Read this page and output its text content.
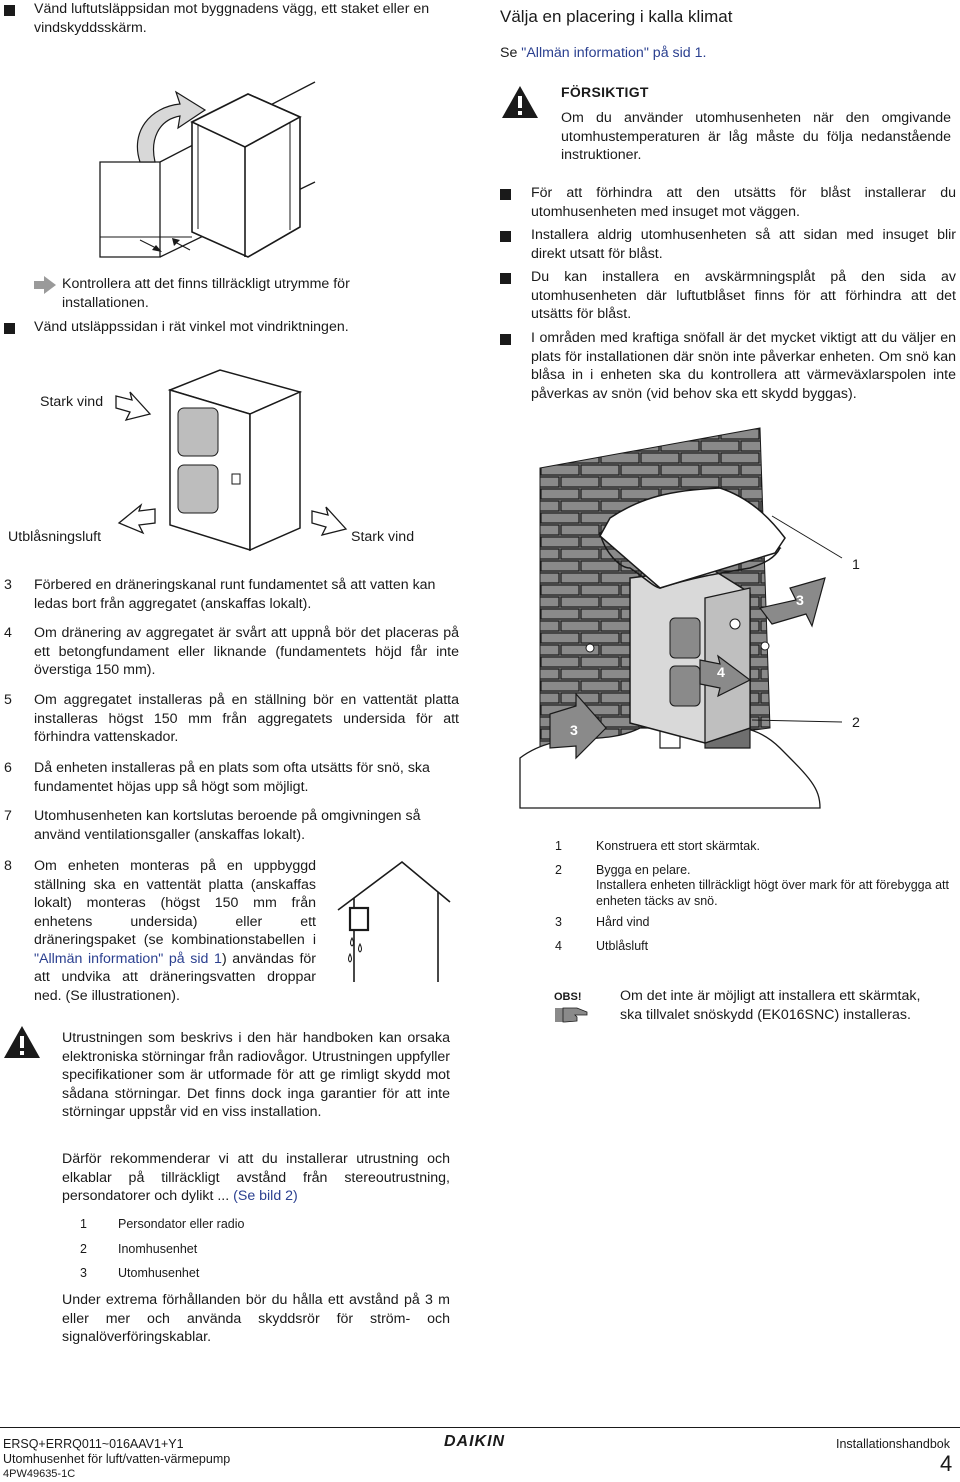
Vänd luftutsläppsidan mot byggnadens vägg, ett staket eller en vindskyddsskärm.
Kontrollera att det finns tillräckligt utrymme för installationen.
Vänd utsläppssidan i rät vinkel mot vindriktningen.
Stark vind
Utblåsningsluft	Stark vind
Välja en placering i kalla klimat
Se "Allmän information" på sid 1.
FÖRSIKTIGT
Om du använder utomhusenheten när den omgivande utomhustemperaturen är låg måste du följa nedanstående instruktioner.
För att förhindra att den utsätts för blåst installerar du utomhusenheten med insuget mot väggen.
Installera aldrig utomhusenheten så att sidan med insuget blir direkt utsatt för blåst.
Du kan installera en avskärmningsplåt på den sida av utomhusenheten där luftutblåset finns för att förhindra att det utsätts för blåst.
I områden med kraftiga snöfall är det mycket viktigt att du väljer en plats för installationen där snön inte påverkar enheten. Om snö kan blåsa in i enheten ska du kontrollera att värmeväxlarspolen inte påverkas av snön (vid behov ska ett skydd byggas).
1
2
3
3
4
3	Förbered en dräneringskanal runt fundamentet så att vatten kan ledas bort från aggregatet (anskaffas lokalt).
4	Om dränering av aggregatet är svårt att uppnå bör det placeras på ett betongfundament eller liknande (fundamentets höjd får inte överstiga 150 mm).
5	Om aggregatet installeras på en ställning bör en vattentät platta installeras högst 150 mm från aggregatets undersida för att förhindra vattenskador.
6	Då enheten installeras på en plats som ofta utsätts för snö, ska fundamentet höjas upp så högt som möjligt.
7	Utomhusenheten kan kortslutas beroende på omgivningen så använd ventilationsgaller (anskaffas lokalt).
8	Om enheten monteras på en uppbyggd ställning ska en vattentät platta (anskaffas lokalt) monteras (högst 150 mm från enhetens undersida) eller ett dräneringspaket (se kombinationstabellen i "Allmän information" på sid 1) användas för att undvika att dräneringsvatten droppar ned. (Se illustrationen).
1	Konstruera ett stort skärmtak.
2	Bygga en pelare.
Installera enheten tillräckligt högt över mark för att förebygga att enheten täcks av snö.
3	Hård vind
4	Utblåsluft
OBS!	Om det inte är möjligt att installera ett skärmtak, ska tillvalet snöskydd (EK016SNC) installeras.
Utrustningen som beskrivs i den här handboken kan orsaka elektroniska störningar från radiovågor. Utrustningen uppfyller specifikationer som är utformade för att ge rimligt skydd mot sådana störningar. Det finns dock inga garantier för att inte störningar uppstår vid en viss installation.
Därför rekommenderar vi att du installerar utrustning och elkablar på tillräckligt avstånd från stereoutrustning, persondatorer och dylikt ... (Se bild 2)
1	Persondator eller radio
2	Inomhusenhet
3	Utomhusenhet
Under extrema förhållanden bör du hålla ett avstånd på 3 m eller mer och använda skyddsrör för ström- och signalöverföringskablar.
ERSQ+ERRQ011~016AAV1+Y1
Utomhusenhet för luft/vatten-värmepump
4PW49635-1C
DAIKIN	Installationshandbok
4
